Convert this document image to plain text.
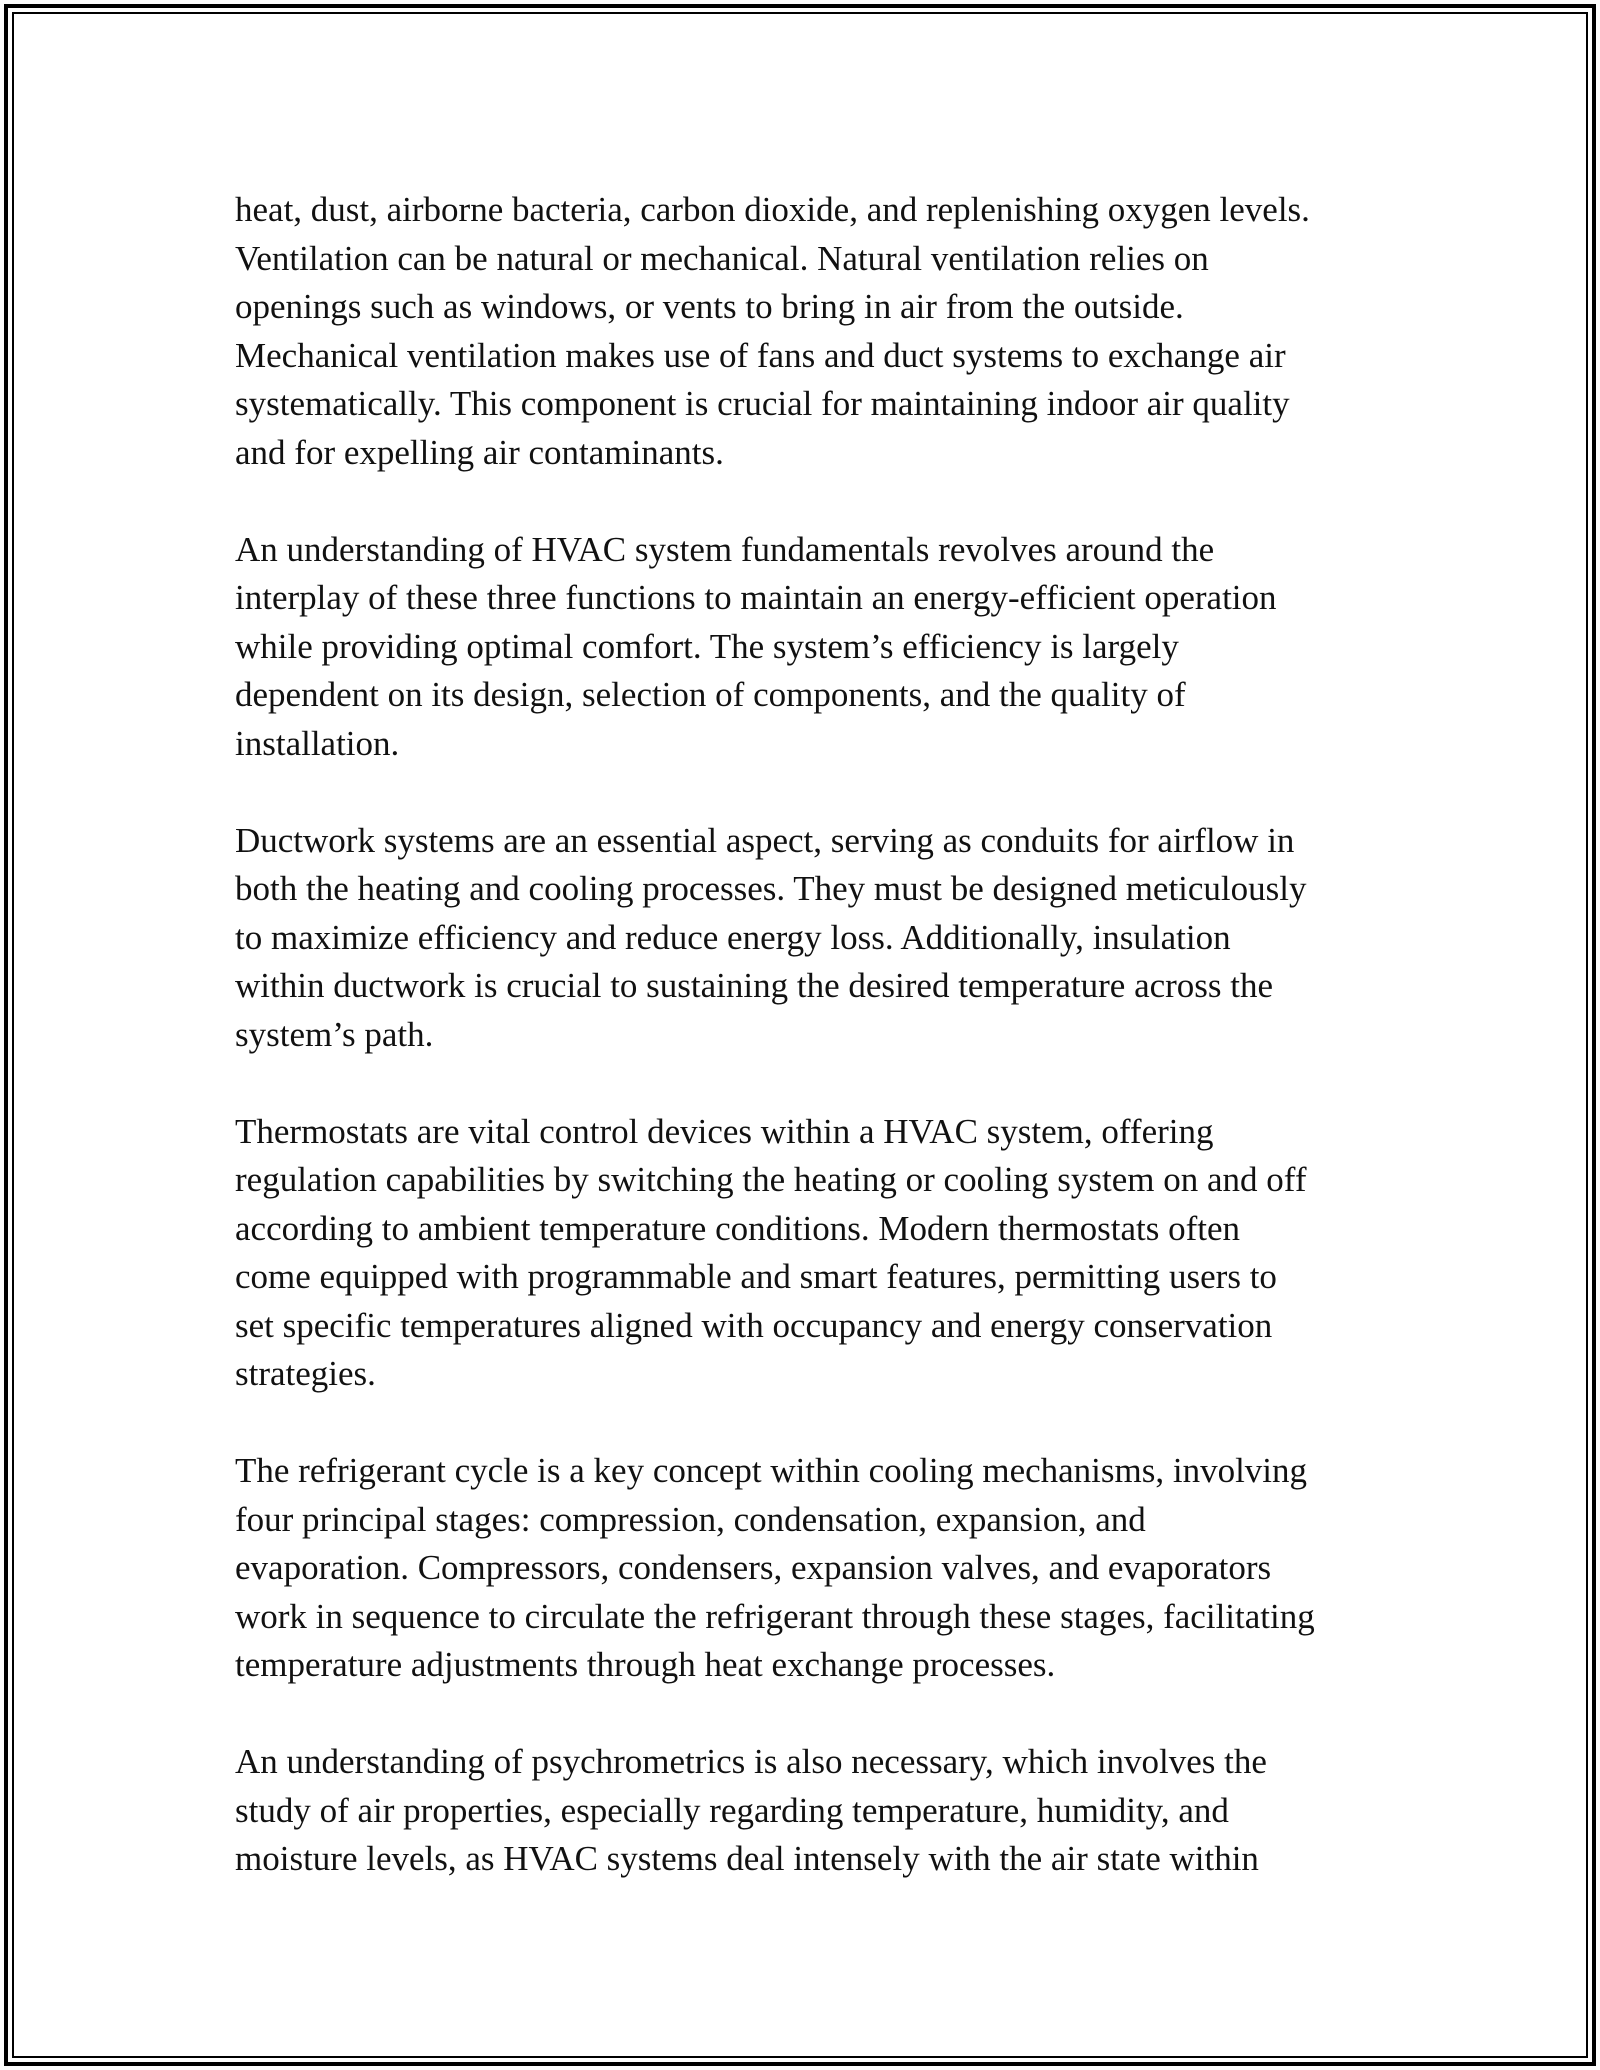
heat, dust, airborne bacteria, carbon dioxide, and replenishing oxygen levels.
Ventilation can be natural or mechanical. Natural ventilation relies on
openings such as windows, or vents to bring in air from the outside.
Mechanical ventilation makes use of fans and duct systems to exchange air
systematically. This component is crucial for maintaining indoor air quality
and for expelling air contaminants.

An understanding of HVAC system fundamentals revolves around the
interplay of these three functions to maintain an energy-efficient operation
while providing optimal comfort. The system’s efficiency is largely
dependent on its design, selection of components, and the quality of
installation.

Ductwork systems are an essential aspect, serving as conduits for airflow in
both the heating and cooling processes. They must be designed meticulously
to maximize efficiency and reduce energy loss. Additionally, insulation
within ductwork is crucial to sustaining the desired temperature across the
system’s path.

Thermostats are vital control devices within a HVAC system, offering
regulation capabilities by switching the heating or cooling system on and off
according to ambient temperature conditions. Modern thermostats often
come equipped with programmable and smart features, permitting users to
set specific temperatures aligned with occupancy and energy conservation
strategies.

The refrigerant cycle is a key concept within cooling mechanisms, involving
four principal stages: compression, condensation, expansion, and
evaporation. Compressors, condensers, expansion valves, and evaporators
work in sequence to circulate the refrigerant through these stages, facilitating
temperature adjustments through heat exchange processes.

An understanding of psychrometrics is also necessary, which involves the
study of air properties, especially regarding temperature, humidity, and
moisture levels, as HVAC systems deal intensely with the air state within
